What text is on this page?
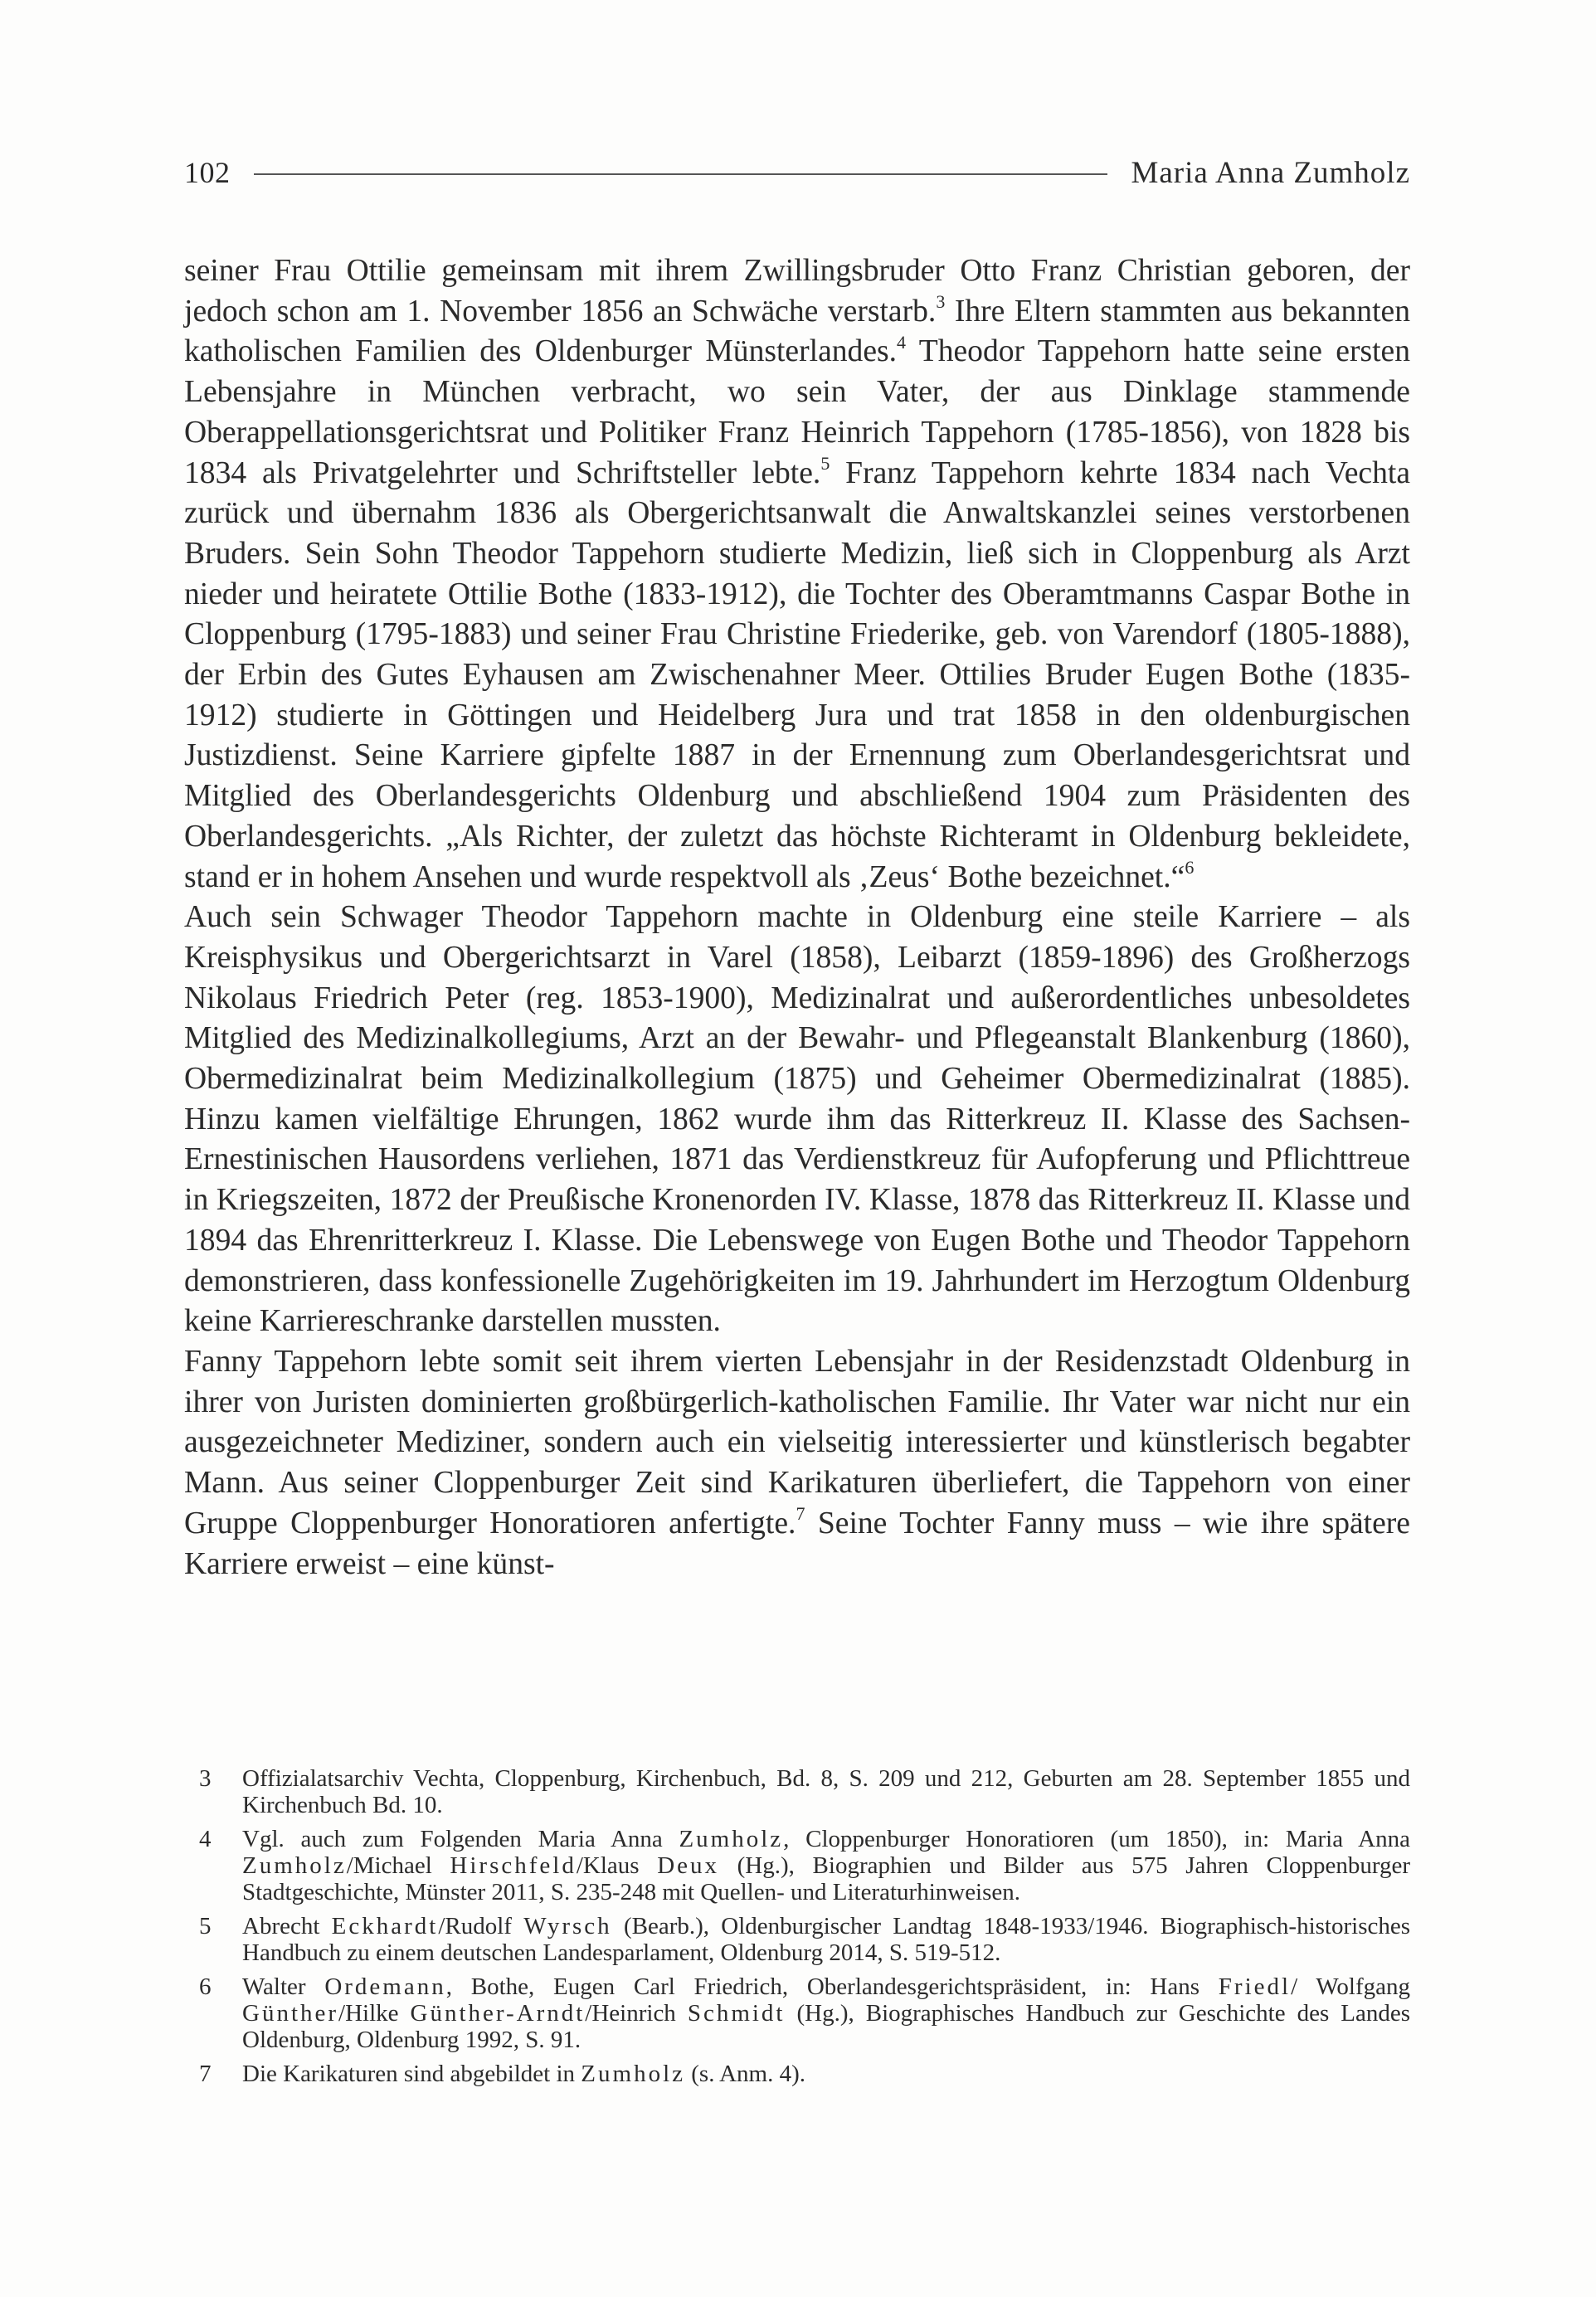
102	Maria Anna Zumholz

seiner Frau Ottilie gemeinsam mit ihrem Zwillingsbruder Otto Franz Christian geboren, der jedoch schon am 1. November 1856 an Schwäche verstarb.$^3$ Ihre Eltern stammten aus bekannten katholischen Familien des Oldenburger Münsterlandes.$^4$ Theodor Tappehorn hatte seine ersten Lebensjahre in München verbracht, wo sein Vater, der aus Dinklage stammende Oberappellationsgerichtsrat und Politiker Franz Heinrich Tappehorn (1785-1856), von 1828 bis 1834 als Privatgelehrter und Schriftsteller lebte.$^5$ Franz Tappehorn kehrte 1834 nach Vechta zurück und übernahm 1836 als Obergerichtsanwalt die Anwaltskanzlei seines verstorbenen Bruders. Sein Sohn Theodor Tappehorn studierte Medizin, ließ sich in Cloppenburg als Arzt nieder und heiratete Ottilie Bothe (1833-1912), die Tochter des Oberamtmanns Caspar Bothe in Cloppenburg (1795-1883) und seiner Frau Christine Friederike, geb. von Varendorf (1805-1888), der Erbin des Gutes Eyhausen am Zwischenahner Meer. Ottilies Bruder Eugen Bothe (1835-1912) studierte in Göttingen und Heidelberg Jura und trat 1858 in den oldenburgischen Justizdienst. Seine Karriere gipfelte 1887 in der Ernennung zum Oberlandesgerichtsrat und Mitglied des Oberlandesgerichts Oldenburg und abschließend 1904 zum Präsidenten des Oberlandesgerichts. „Als Richter, der zuletzt das höchste Richteramt in Oldenburg bekleidete, stand er in hohem Ansehen und wurde respektvoll als ‚Zeus‘ Bothe bezeichnet.“$^6$

Auch sein Schwager Theodor Tappehorn machte in Oldenburg eine steile Karriere – als Kreisphysikus und Obergerichtsarzt in Varel (1858), Leibarzt (1859-1896) des Großherzogs Nikolaus Friedrich Peter (reg. 1853-1900), Medizinalrat und außerordentliches unbesoldetes Mitglied des Medizinalkollegiums, Arzt an der Bewahr- und Pflegeanstalt Blankenburg (1860), Obermedizinalrat beim Medizinalkollegium (1875) und Geheimer Obermedizinalrat (1885). Hinzu kamen vielfältige Ehrungen, 1862 wurde ihm das Ritterkreuz II. Klasse des Sachsen-Ernestinischen Hausordens verliehen, 1871 das Verdienstkreuz für Aufopferung und Pflichttreue in Kriegszeiten, 1872 der Preußische Kronenorden IV. Klasse, 1878 das Ritterkreuz II. Klasse und 1894 das Ehrenritterkreuz I. Klasse. Die Lebenswege von Eugen Bothe und Theodor Tappehorn demonstrieren, dass konfessionelle Zugehörigkeiten im 19. Jahrhundert im Herzogtum Oldenburg keine Karriereschranke darstellen mussten.

Fanny Tappehorn lebte somit seit ihrem vierten Lebensjahr in der Residenzstadt Oldenburg in ihrer von Juristen dominierten großbürgerlich-katholischen Familie. Ihr Vater war nicht nur ein ausgezeichneter Mediziner, sondern auch ein vielseitig interessierter und künstlerisch begabter Mann. Aus seiner Cloppenburger Zeit sind Karikaturen überliefert, die Tappehorn von einer Gruppe Cloppenburger Honoratioren anfertigte.$^7$ Seine Tochter Fanny muss – wie ihre spätere Karriere erweist – eine künst-

3	Offizialatsarchiv Vechta, Cloppenburg, Kirchenbuch, Bd. 8, S. 209 und 212, Geburten am 28. September 1855 und Kirchenbuch Bd. 10.
4	Vgl. auch zum Folgenden Maria Anna Zumholz, Cloppenburger Honoratioren (um 1850), in: Maria Anna Zumholz/Michael Hirschfeld/Klaus Deux (Hg.), Biographien und Bilder aus 575 Jahren Cloppenburger Stadtgeschichte, Münster 2011, S. 235-248 mit Quellen- und Literaturhinweisen.
5	Abrecht Eckhardt/Rudolf Wyrsch (Bearb.), Oldenburgischer Landtag 1848-1933/1946. Biographisch-historisches Handbuch zu einem deutschen Landesparlament, Oldenburg 2014, S. 519-512.
6	Walter Ordemann, Bothe, Eugen Carl Friedrich, Oberlandesgerichtspräsident, in: Hans Friedl/ Wolfgang Günther/Hilke Günther-Arndt/Heinrich Schmidt (Hg.), Biographisches Handbuch zur Geschichte des Landes Oldenburg, Oldenburg 1992, S. 91.
7	Die Karikaturen sind abgebildet in Zumholz (s. Anm. 4).
